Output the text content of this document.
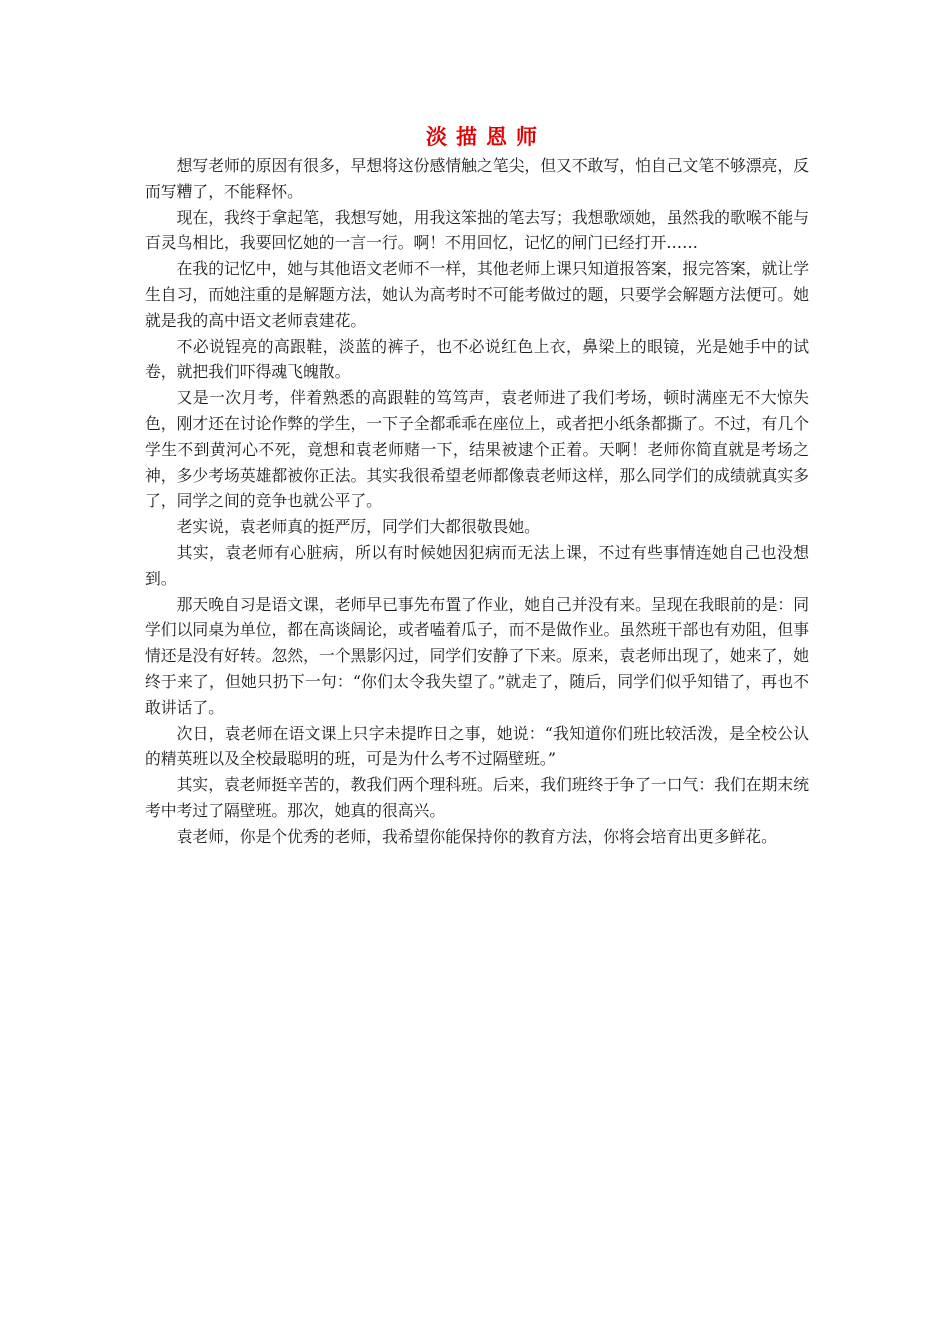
淡描恩师

想写老师的原因有很多，早想将这份感情触之笔尖，但又不敢写，怕自己文笔不够漂亮，反而写糟了，不能释怀。

现在，我终于拿起笔，我想写她，用我这笨拙的笔去写；我想歌颂她，虽然我的歌喉不能与百灵鸟相比，我要回忆她的一言一行。啊！不用回忆，记忆的闸门已经打开……

在我的记忆中，她与其他语文老师不一样，其他老师上课只知道报答案，报完答案，就让学生自习，而她注重的是解题方法，她认为高考时不可能考做过的题，只要学会解题方法便可。她就是我的高中语文老师袁建花。

不必说锃亮的高跟鞋，淡蓝的裤子，也不必说红色上衣，鼻梁上的眼镜，光是她手中的试卷，就把我们吓得魂飞魄散。

又是一次月考，伴着熟悉的高跟鞋的笃笃声，袁老师进了我们考场，顿时满座无不大惊失色，刚才还在讨论作弊的学生，一下子全都乖乖在座位上，或者把小纸条都撕了。不过，有几个学生不到黄河心不死，竟想和袁老师赌一下，结果被逮个正着。天啊！老师你简直就是考场之神，多少考场英雄都被你正法。其实我很希望老师都像袁老师这样，那么同学们的成绩就真实多了，同学之间的竞争也就公平了。

老实说，袁老师真的挺严厉，同学们大都很敬畏她。

其实，袁老师有心脏病，所以有时候她因犯病而无法上课，不过有些事情连她自己也没想到。

那天晚自习是语文课，老师早已事先布置了作业，她自己并没有来。呈现在我眼前的是：同学们以同桌为单位，都在高谈阔论，或者嗑着瓜子，而不是做作业。虽然班干部也有劝阻，但事情还是没有好转。忽然，一个黑影闪过，同学们安静了下来。原来，袁老师出现了，她来了，她终于来了，但她只扔下一句：“你们太令我失望了。”就走了，随后，同学们似乎知错了，再也不敢讲话了。

次日，袁老师在语文课上只字未提昨日之事，她说：“我知道你们班比较活泼，是全校公认的精英班以及全校最聪明的班，可是为什么考不过隔壁班。”

其实，袁老师挺辛苦的，教我们两个理科班。后来，我们班终于争了一口气：我们在期末统考中考过了隔壁班。那次，她真的很高兴。

袁老师，你是个优秀的老师，我希望你能保持你的教育方法，你将会培育出更多鲜花。
